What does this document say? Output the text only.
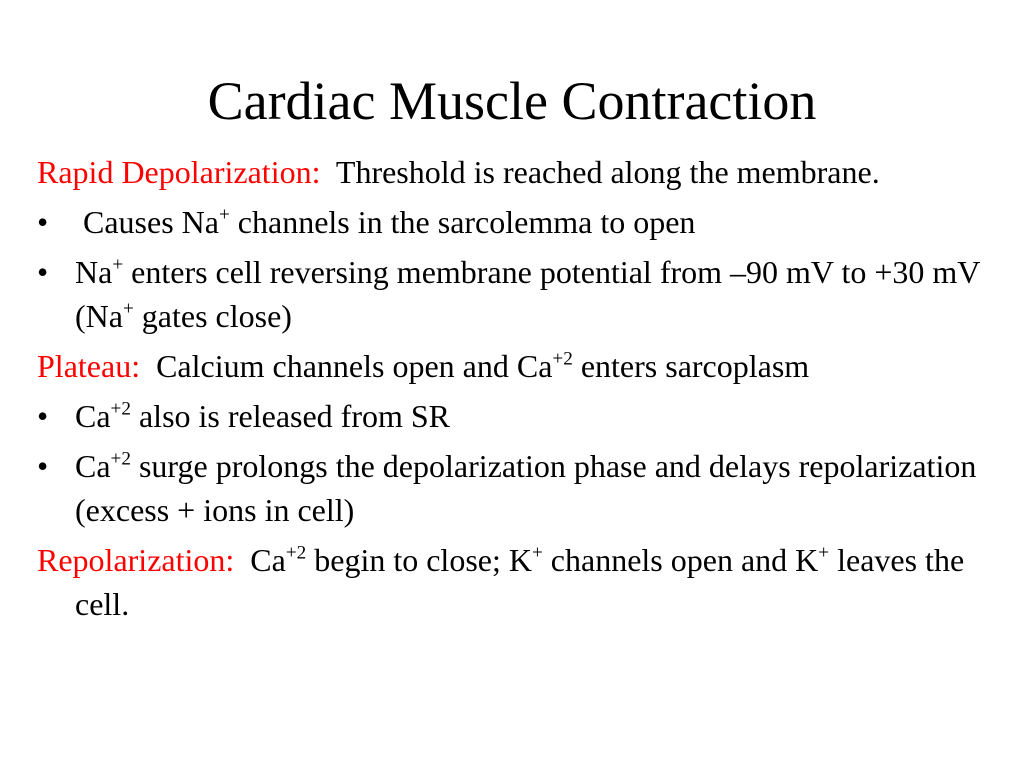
Cardiac Muscle Contraction

Rapid Depolarization: Threshold is reached along the membrane.

• Causes Na+ channels in the sarcolemma to open

• Na+ enters cell reversing membrane potential from –90 mV to +30 mV (Na+ gates close)

Plateau: Calcium channels open and $Ca^{+2}$ enters sarcoplasm

• $Ca^{+2}$ also is released from SR

• $Ca^{+2}$ surge prolongs the depolarization phase and delays repolarization (excess + ions in cell)

Repolarization: $Ca^{+2}$ begin to close; K+ channels open and K+ leaves the cell.
